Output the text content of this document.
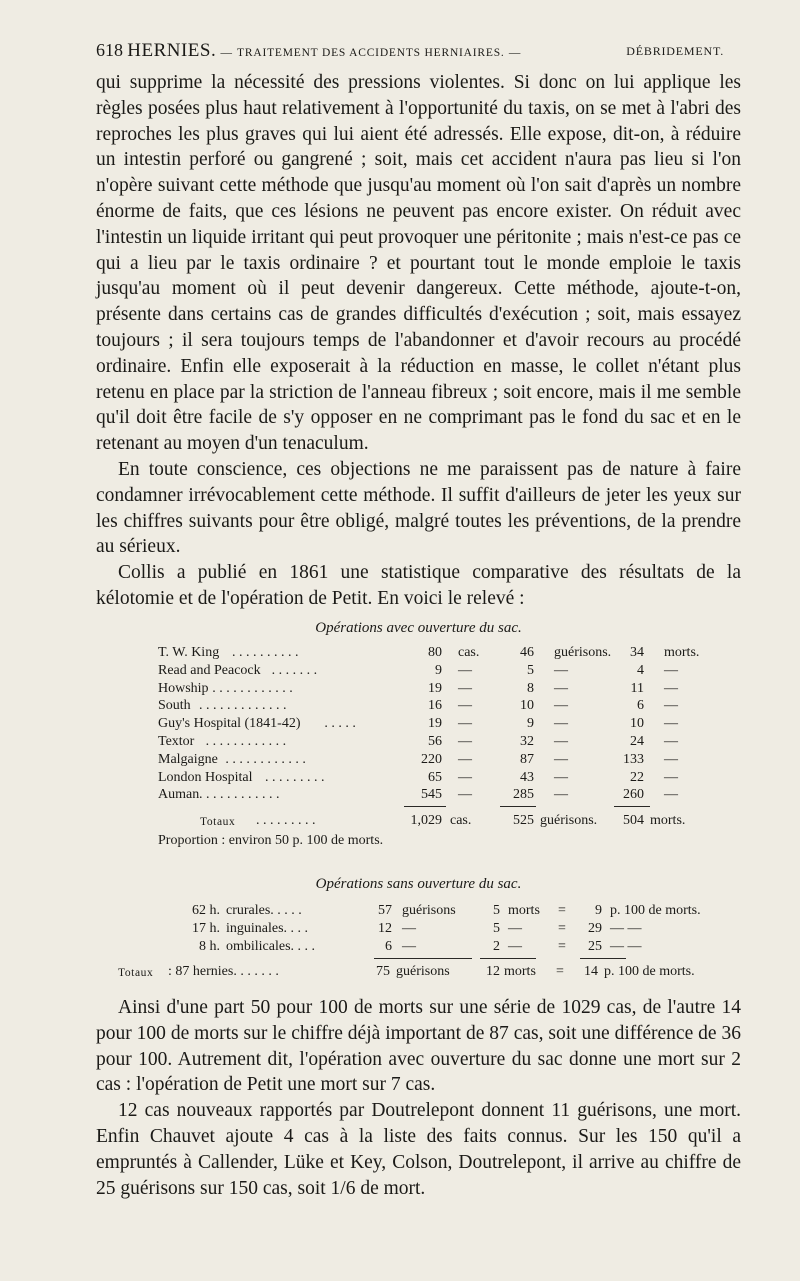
618 HERNIES. — TRAITEMENT DES ACCIDENTS HERNIAIRES. —	DÉBRIDEMENT.

qui supprime la nécessité des pressions violentes. Si donc on lui applique les règles posées plus haut relativement à l'opportunité du taxis, on se met à l'abri des reproches les plus graves qui lui aient été adressés. Elle expose, dit-on, à réduire un intestin perforé ou gangrené ; soit, mais cet accident n'aura pas lieu si l'on n'opère suivant cette méthode que jusqu'au moment où l'on sait d'après un nombre énorme de faits, que ces lésions ne peuvent pas encore exister. On réduit avec l'intestin un liquide irritant qui peut provoquer une péritonite ; mais n'est-ce pas ce qui a lieu par le taxis ordinaire ? et pourtant tout le monde emploie le taxis jusqu'au moment où il peut devenir dangereux. Cette méthode, ajoute-t-on, présente dans certains cas de grandes difficultés d'exécution ; soit, mais essayez toujours ; il sera toujours temps de l'abandonner et d'avoir recours au procédé ordinaire. Enfin elle exposerait à la réduction en masse, le collet n'étant plus retenu en place par la striction de l'anneau fibreux ; soit encore, mais il me semble qu'il doit être facile de s'y opposer en ne comprimant pas le fond du sac et en le retenant au moyen d'un tenaculum.

En toute conscience, ces objections ne me paraissent pas de nature à faire condamner irrévocablement cette méthode. Il suffit d'ailleurs de jeter les yeux sur les chiffres suivants pour être obligé, malgré toutes les préventions, de la prendre au sérieux.

Collis a publié en 1861 une statistique comparative des résultats de la kélotomie et de l'opération de Petit. En voici le relevé :

Opérations avec ouverture du sac.
T. W. King . . . . . . . . . .	80 cas.	46 guérisons.	34 morts.
Read and Peacock . . . . . . .	9 —	5 —	4 —
Howship . . . . . . . . . . . .	19 —	8 —	11 —
South . . . . . . . . . . . . .	16 —	10 —	6 —
Guy's Hospital (1841-42) . . . . .	19 —	9 —	10 —
Textor . . . . . . . . . . . .	56 —	32 —	24 —
Malgaigne . . . . . . . . . . . .	220 —	87 —	133 —
London Hospital . . . . . . . . .	65 —	43 —	22 —
Auman . . . . . . . . . . . .	545 —	285 —	260 —
Totaux . . . . . . . . .	1,029 cas.	525 guérisons.	504 morts.
Proportion : environ 50 p. 100 de morts.
Opérations sans ouverture du sac.
62 h. crurales. . . . .	57 guérisons	5 morts =	9 p. 100 de morts.
17 h. inguinales. . . .	12 —	5 —	=	29 — —
8 h. ombilicales. . . .	6 —	2 —	=	25 — —
Totaux : 87 hernies. . . . . . .	75 guérisons	12 morts =	14 p. 100 de morts.

Ainsi d'une part 50 pour 100 de morts sur une série de 1029 cas, de l'autre 14 pour 100 de morts sur le chiffre déjà important de 87 cas, soit une différence de 36 pour 100. Autrement dit, l'opération avec ouverture du sac donne une mort sur 2 cas : l'opération de Petit une mort sur 7 cas.

12 cas nouveaux rapportés par Doutrelepont donnent 11 guérisons, une mort. Enfin Chauvet ajoute 4 cas à la liste des faits connus. Sur les 150 qu'il a empruntés à Callender, Lüke et Key, Colson, Doutrelepont, il arrive au chiffre de 25 guérisons sur 150 cas, soit 1/6 de mort.
